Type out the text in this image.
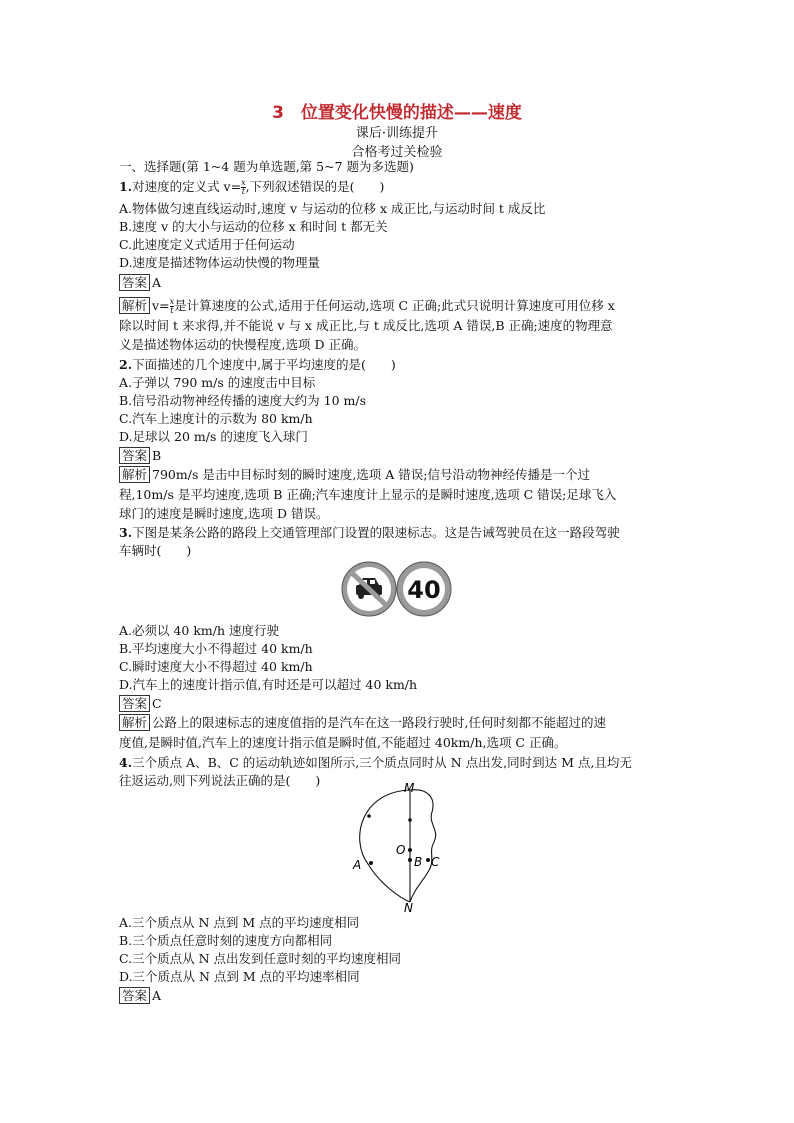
3　位置变化快慢的描述——速度
课后·训练提升
合格考过关检验
一、选择题(第 1~4 题为单选题,第 5~7 题为多选题)
1.对速度的定义式 $v= \frac{x}{t}$ ,下列叙述错误的是(　　)
A.物体做匀速直线运动时,速度 v 与运动的位移 x 成正比,与运动时间 t 成反比
B.速度 v 的大小与运动的位移 x 和时间 t 都无关
C.此速度定义式适用于任何运动
D.速度是描述物体运动快慢的物理量
答案 A
解析 $v= \frac{x}{t}$ 是计算速度的公式,适用于任何运动,选项 C 正确;此式只说明计算速度可用位移 x
除以时间 t 来求得,并不能说 v 与 x 成正比,与 t 成反比,选项 A 错误,B 正确;速度的物理意
义是描述物体运动的快慢程度,选项 D 正确。
2.下面描述的几个速度中,属于平均速度的是(　　)
A.子弹以 790 m/s 的速度击中目标
B.信号沿动物神经传播的速度大约为 10 m/s
C.汽车上速度计的示数为 80 km/h
D.足球以 20 m/s 的速度飞入球门
答案 B
解析 790m/s 是击中目标时刻的瞬时速度,选项 A 错误;信号沿动物神经传播是一个过
程,10m/s 是平均速度,选项 B 正确;汽车速度计上显示的是瞬时速度,选项 C 错误;足球飞入
球门的速度是瞬时速度,选项 D 错误。
3.下图是某条公路的路段上交通管理部门设置的限速标志。这是告诫驾驶员在这一路段驾驶
车辆时(　　)
40
A.必须以 40 km/h 速度行驶
B.平均速度大小不得超过 40 km/h
C.瞬时速度大小不得超过 40 km/h
D.汽车上的速度计指示值,有时还是可以超过 40 km/h
答案 C
解析 公路上的限速标志的速度值指的是汽车在这一路段行驶时,任何时刻都不能超过的速
度值,是瞬时值,汽车上的速度计指示值是瞬时值,不能超过 40km/h,选项 C 正确。
4.三个质点 A、B、C 的运动轨迹如图所示,三个质点同时从 N 点出发,同时到达 M 点,且均无
往返运动,则下列说法正确的是(　　)	M
N
O
B C
A
A.三个质点从 N 点到 M 点的平均速度相同
B.三个质点任意时刻的速度方向都相同
C.三个质点从 N 点出发到任意时刻的平均速度相同
D.三个质点从 N 点到 M 点的平均速率相同
答案 A
